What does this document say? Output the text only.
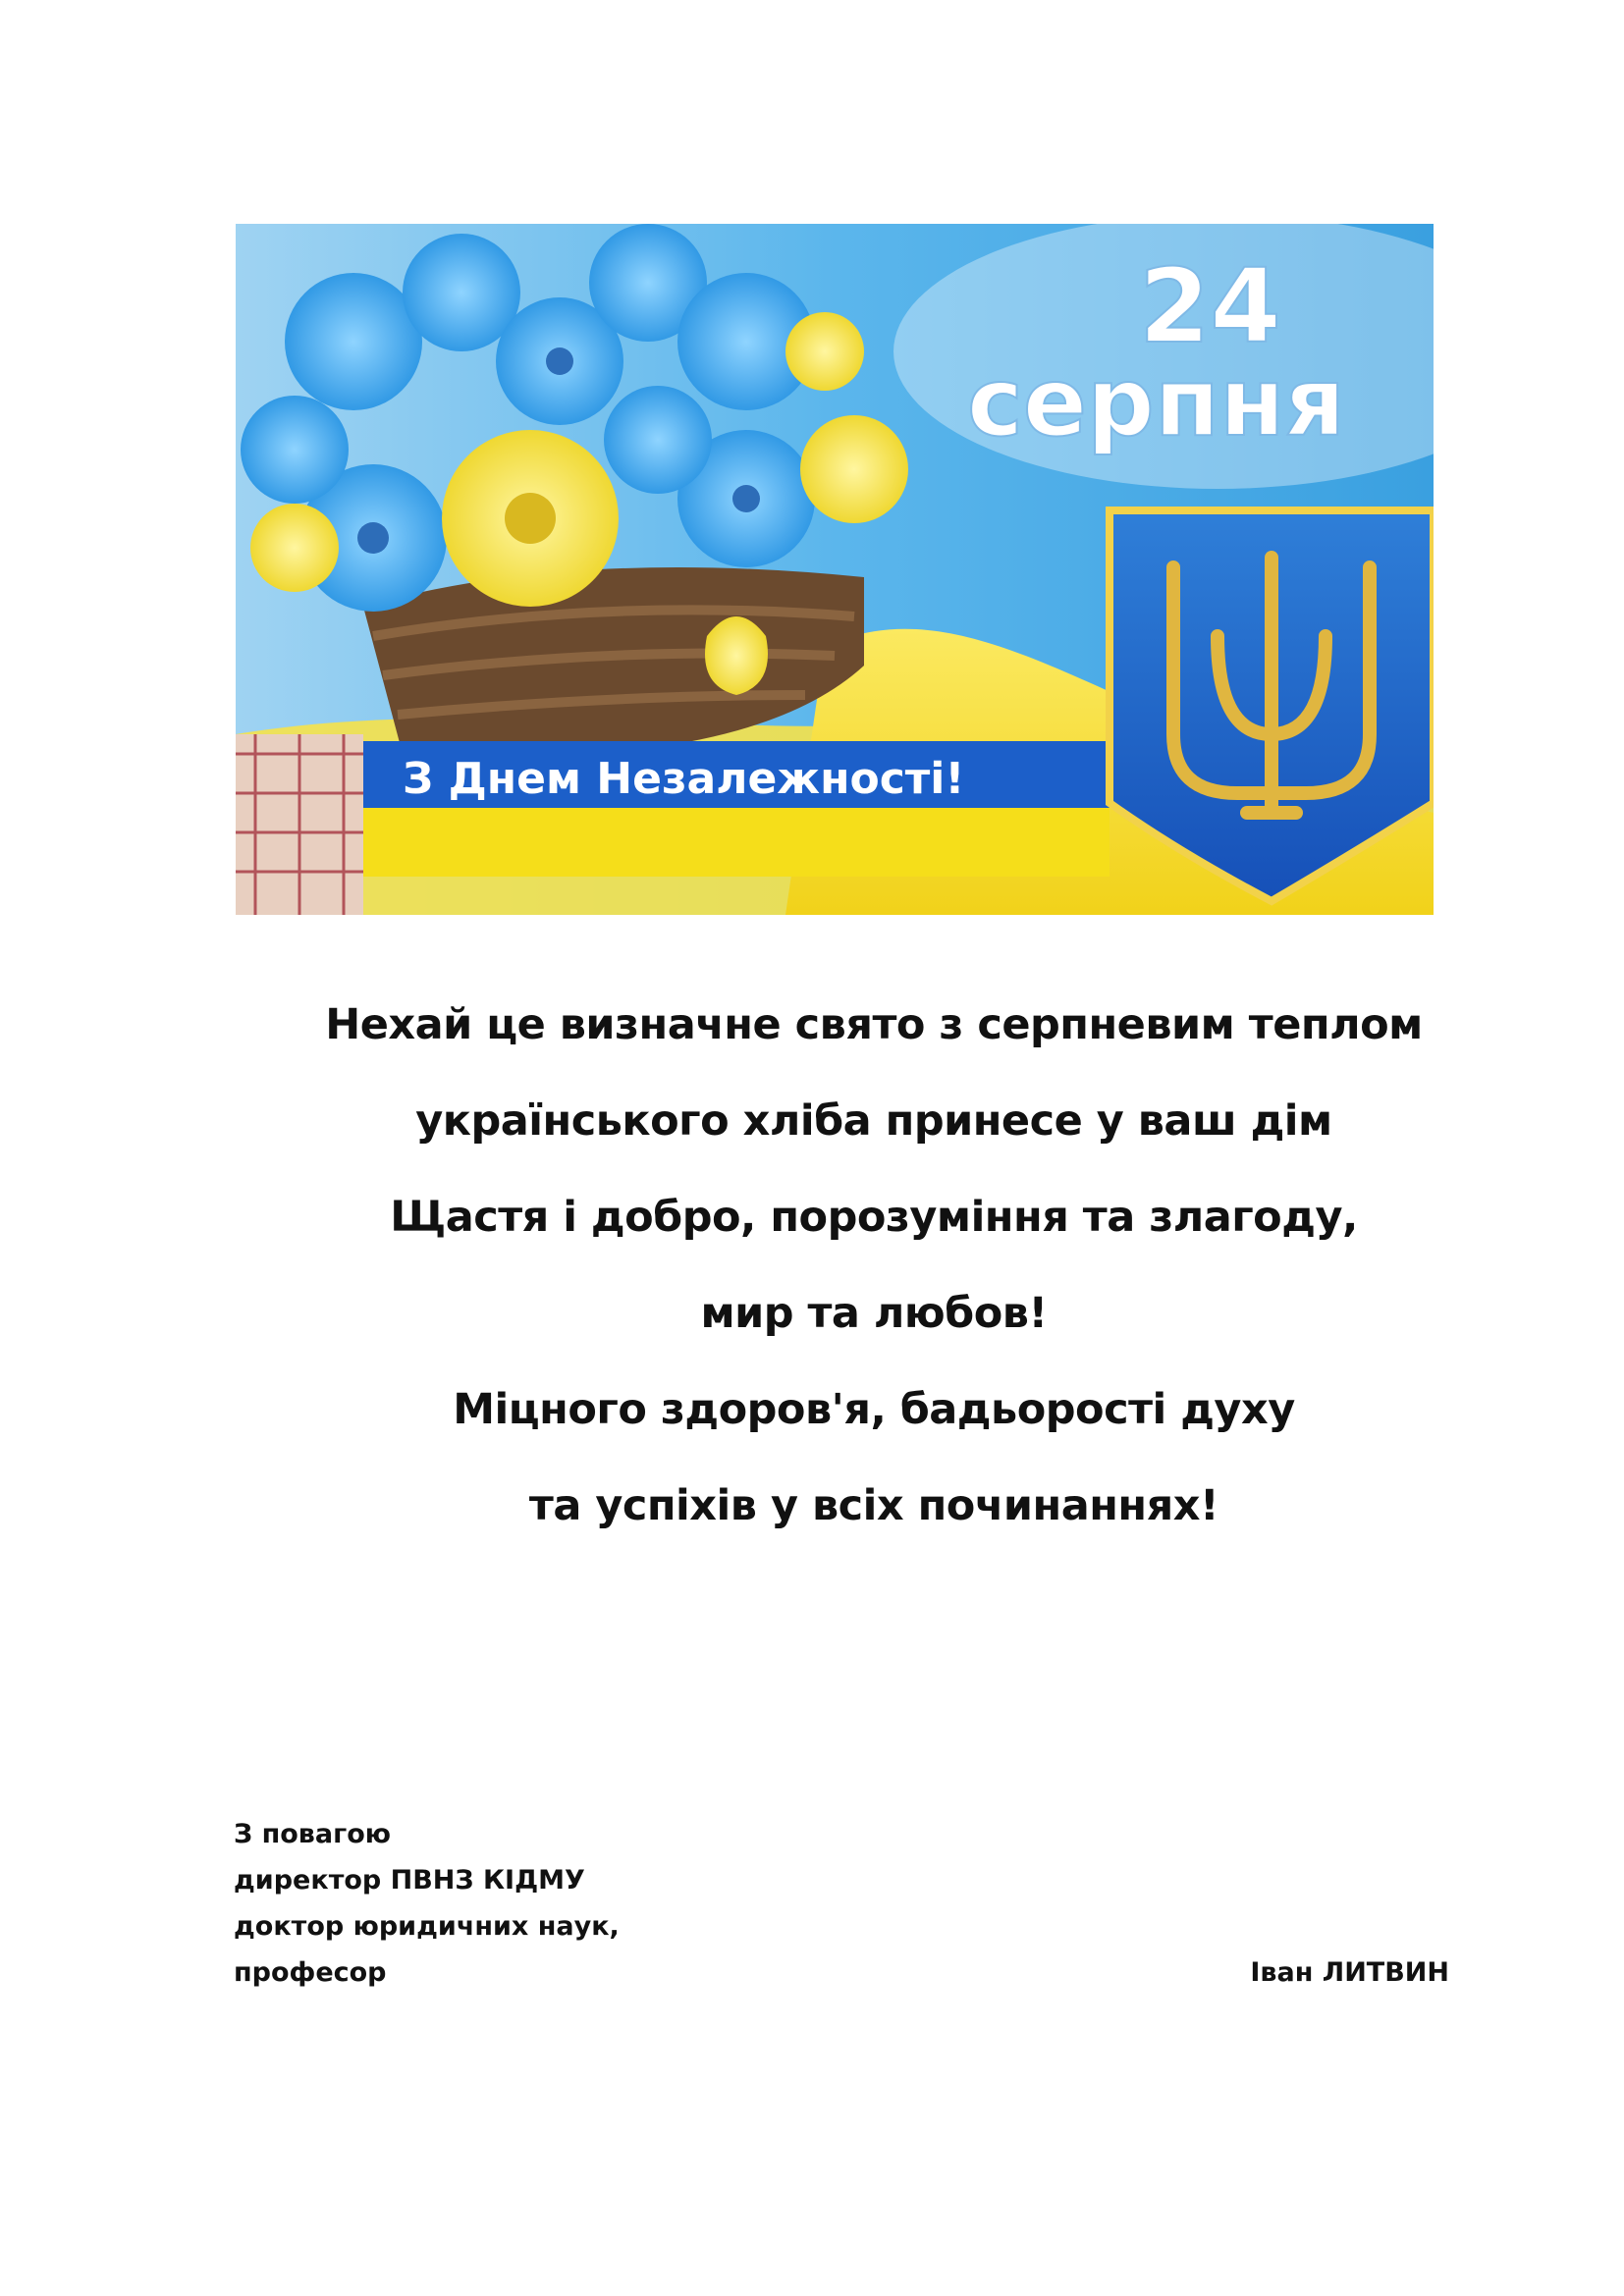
З Днем Незалежності!
24
серпня
Нехай це визначне свято з серпневим теплом
українського хліба принесе у ваш дім
Щастя і добро, порозуміння та злагоду,
мир та любов!
Міцного здоров'я, бадьорості духу
та успіхів у всіх починаннях!
З повагою
директор ПВНЗ КІДМУ
доктор юридичних наук,
професор	Іван ЛИТВИН
